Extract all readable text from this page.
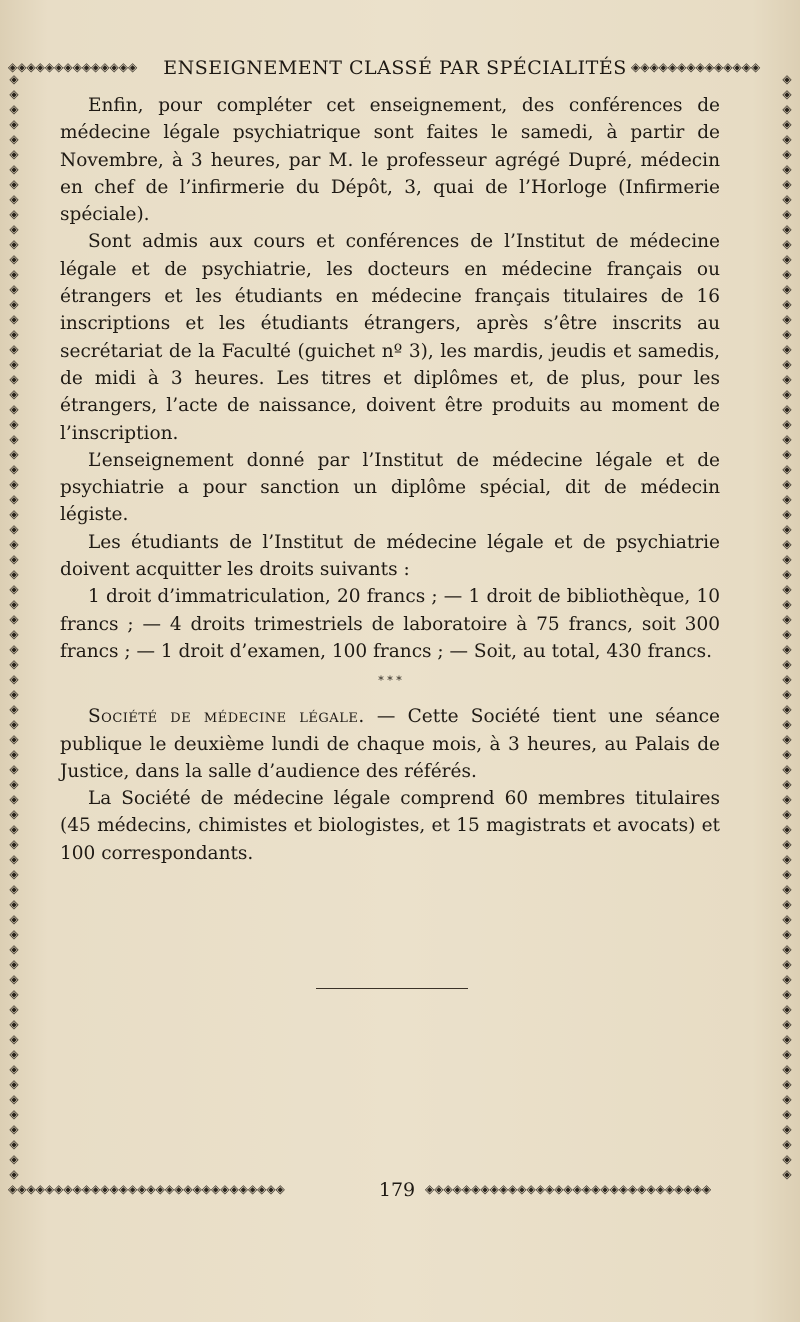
◈◈◈◈◈◈◈◈◈◈◈◈◈◈	ENSEIGNEMENT CLASSÉ PAR SPÉCIALITÉS ◈◈◈◈◈◈◈◈◈◈◈◈◈◈
◈◈◈◈◈◈◈◈◈◈◈◈◈◈◈◈◈◈◈◈◈◈◈◈◈◈◈◈◈◈◈◈◈◈◈◈◈◈◈◈◈◈◈◈◈◈◈◈◈◈◈◈◈◈◈◈◈◈◈◈◈◈◈◈◈◈◈◈◈◈◈◈◈◈
◈◈◈◈◈◈◈◈◈◈◈◈◈◈◈◈◈◈◈◈◈◈◈◈◈◈◈◈◈◈◈◈◈◈◈◈◈◈◈◈◈◈◈◈◈◈◈◈◈◈◈◈◈◈◈◈◈◈◈◈◈◈◈◈◈◈◈◈◈◈◈◈◈◈

Enfin, pour compléter cet enseignement, des conférences de médecine légale psychiatrique sont faites le samedi, à partir de Novembre, à 3 heures, par M. le professeur agrégé Dupré, médecin en chef de l’infirmerie du Dépôt, 3, quai de l’Horloge (Infirmerie spéciale).

Sont admis aux cours et conférences de l’Institut de médecine légale et de psychiatrie, les docteurs en médecine français ou étrangers et les étudiants en médecine français titulaires de 16 inscriptions et les étudiants étrangers, après s’être inscrits au secrétariat de la Faculté (guichet nº 3), les mardis, jeudis et samedis, de midi à 3 heures. Les titres et diplômes et, de plus, pour les étrangers, l’acte de naissance, doivent être produits au moment de l’inscription.

L’enseignement donné par l’Institut de médecine légale et de psychiatrie a pour sanction un diplôme spécial, dit de médecin légiste.

Les étudiants de l’Institut de médecine légale et de psychiatrie doivent acquitter les droits suivants :

1 droit d’immatriculation, 20 francs ; — 1 droit de bibliothèque, 10 francs ; — 4 droits trimestriels de laboratoire à 75 francs, soit 300 francs ; — 1 droit d’examen, 100 francs ; — Soit, au total, 430 francs.

* * *

Société de médecine légale. — Cette Société tient une séance publique le deuxième lundi de chaque mois, à 3 heures, au Palais de Justice, dans la salle d’audience des référés.

La Société de médecine légale comprend 60 membres titulaires (45 médecins, chimistes et biologistes, et 15 magistrats et avocats) et 100 correspondants.

◈◈◈◈◈◈◈◈◈◈◈◈◈◈◈◈◈◈◈◈◈◈◈◈◈◈◈◈◈◈	179 ◈◈◈◈◈◈◈◈◈◈◈◈◈◈◈◈◈◈◈◈◈◈◈◈◈◈◈◈◈◈◈
